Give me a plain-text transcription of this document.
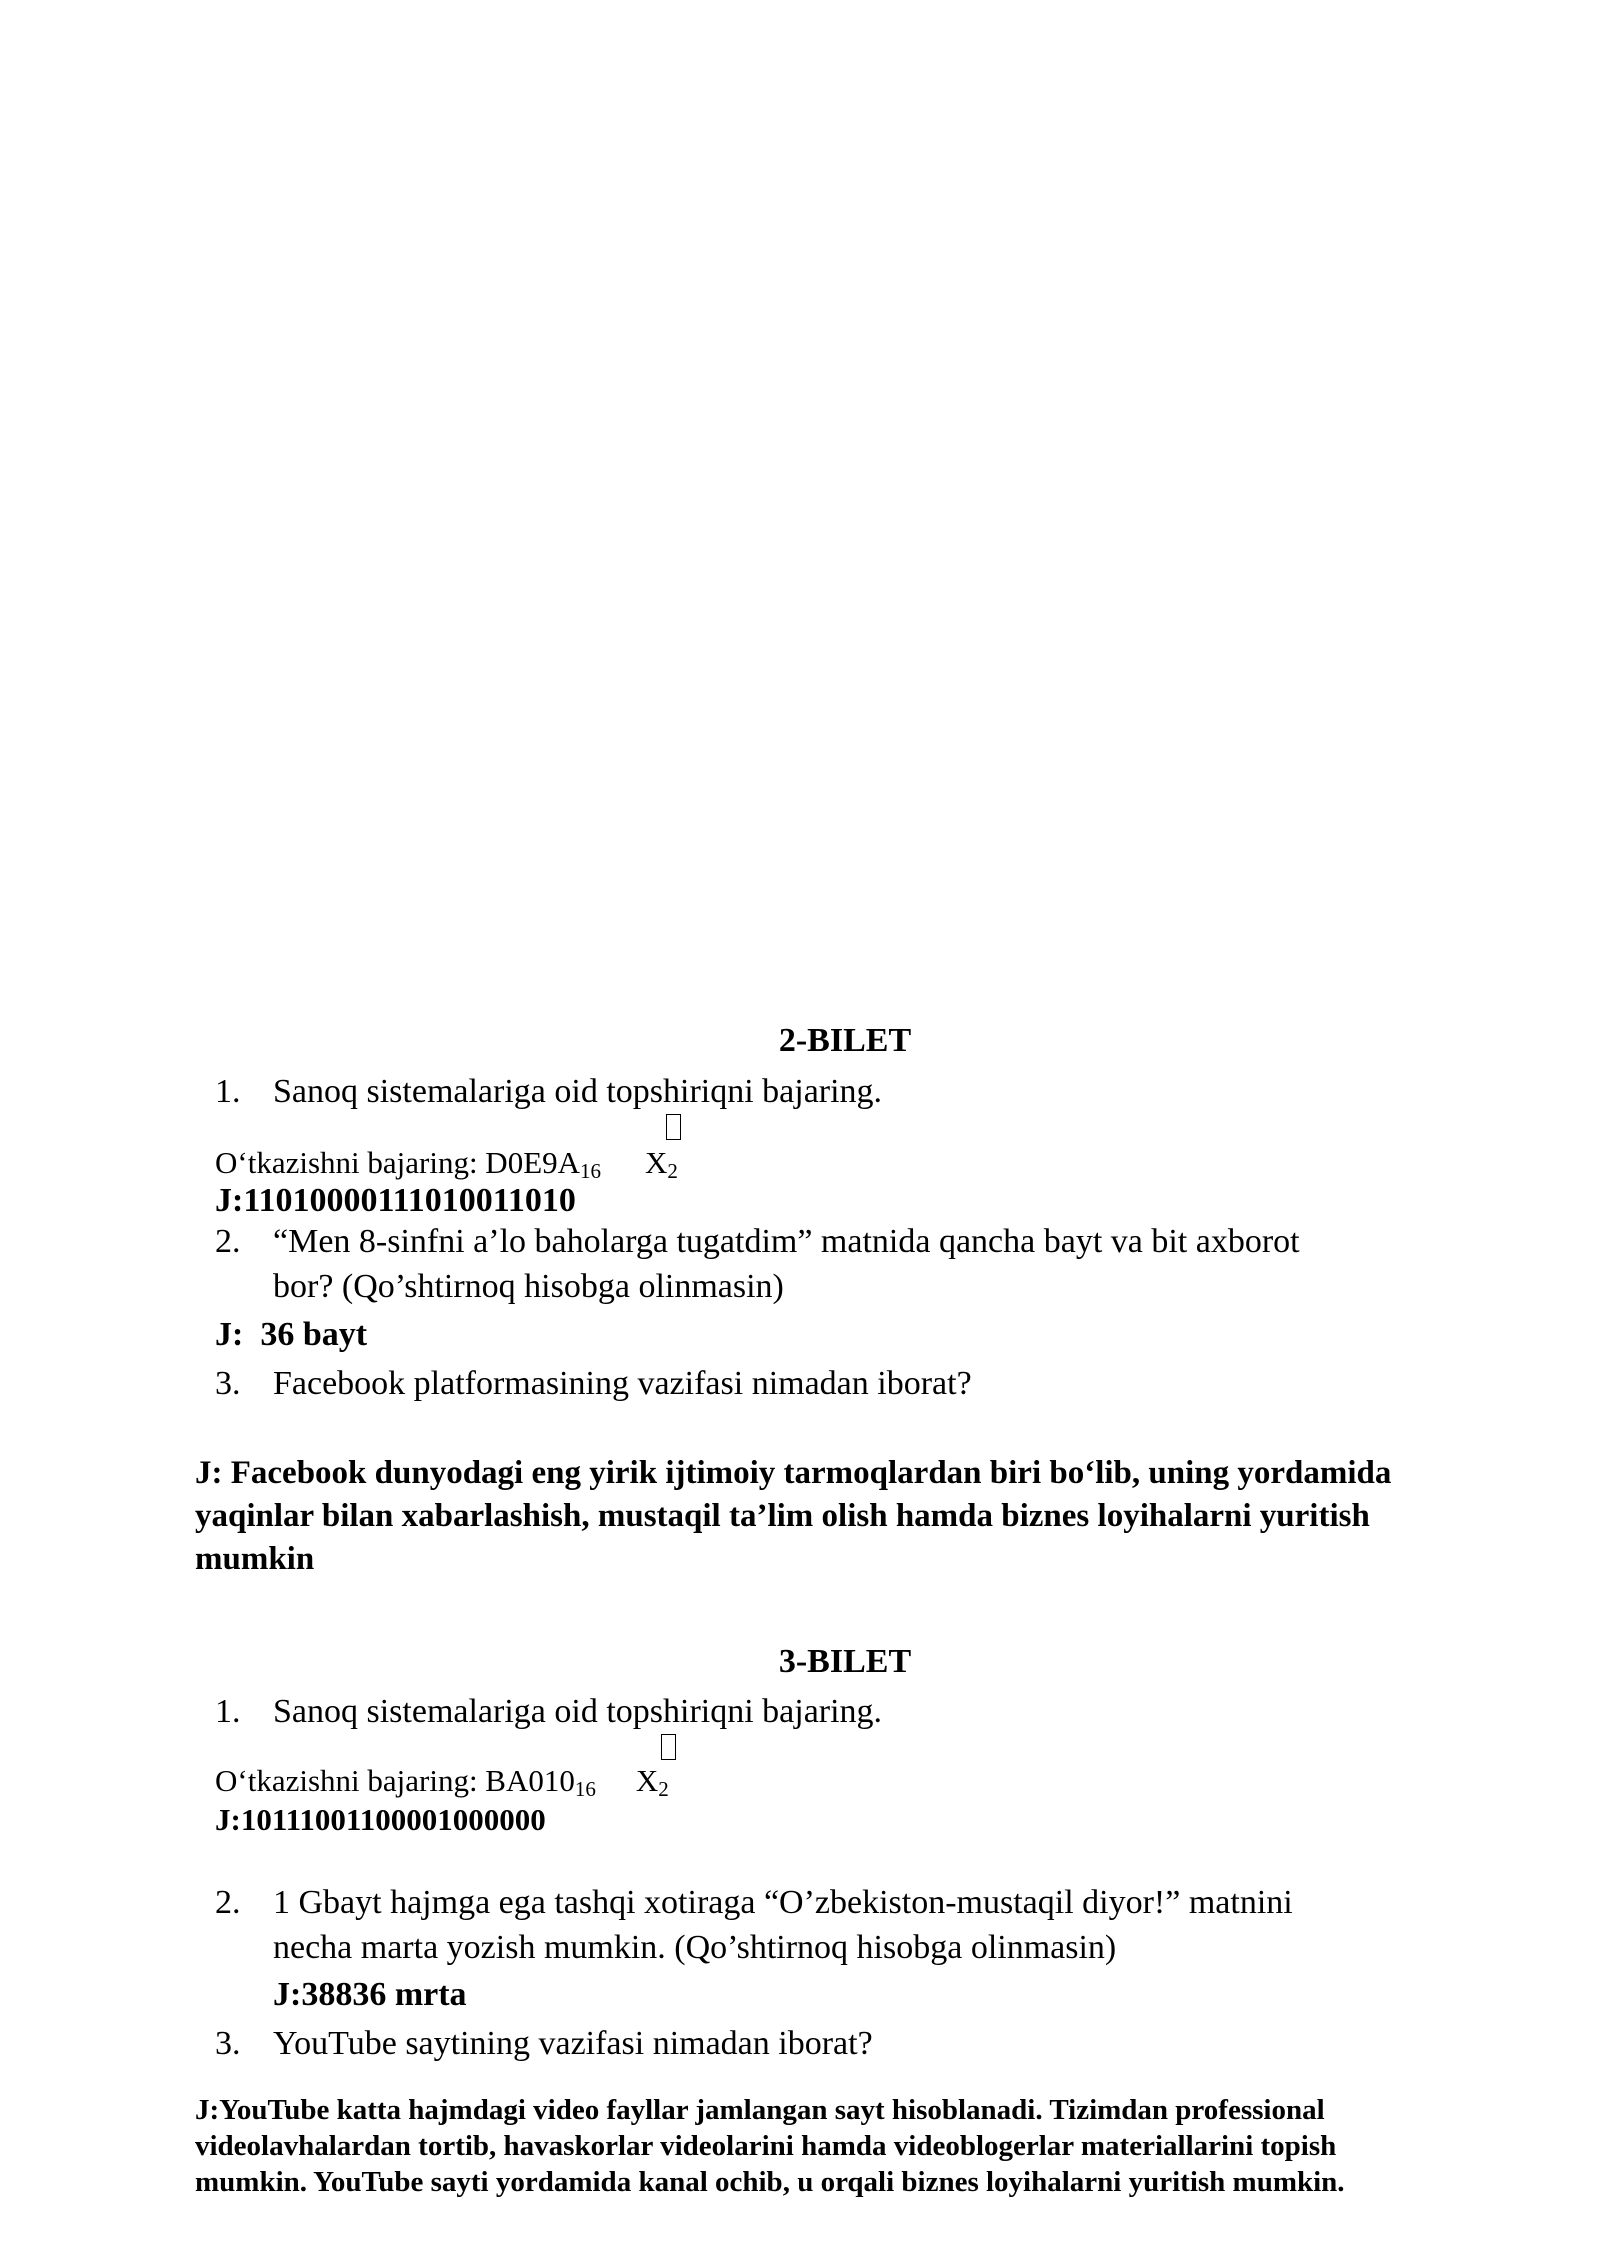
2-BILET
1. Sanoq sistemalariga oid topshiriqni bajaring.
O‘tkazishni bajaring: $D0E9A_{16}$ $X_2$
J:11010000111010011010
2. “Men 8-sinfni a’lo baholarga tugatdim” matnida qancha bayt va bit axborot
bor? (Qo’shtirnoq hisobga olinmasin)
J:  36 bayt
3. Facebook platformasining vazifasi nimadan iborat?
J: Facebook dunyodagi eng yirik ijtimoiy tarmoqlardan biri bo‘lib, uning yordamida yaqinlar bilan xabarlashish, mustaqil ta’lim olish hamda biznes loyihalarni yuritish mumkin
3-BILET
1. Sanoq sistemalariga oid topshiriqni bajaring.
O‘tkazishni bajaring: $BA010_{16}$ $X_2$
J:10111001100001000000
2. 1 Gbayt hajmga ega tashqi xotiraga “O’zbekiston-mustaqil diyor!” matnini
necha marta yozish mumkin. (Qo’shtirnoq hisobga olinmasin)
J:38836 mrta
3. YouTube saytining vazifasi nimadan iborat?
J:YouTube katta hajmdagi video fayllar jamlangan sayt hisoblanadi. Tizimdan professional videolavhalardan tortib, havaskorlar videolarini hamda videoblogerlar materiallarini topish mumkin. YouTube sayti yordamida kanal ochib, u orqali biznes loyihalarni yuritish mumkin.
